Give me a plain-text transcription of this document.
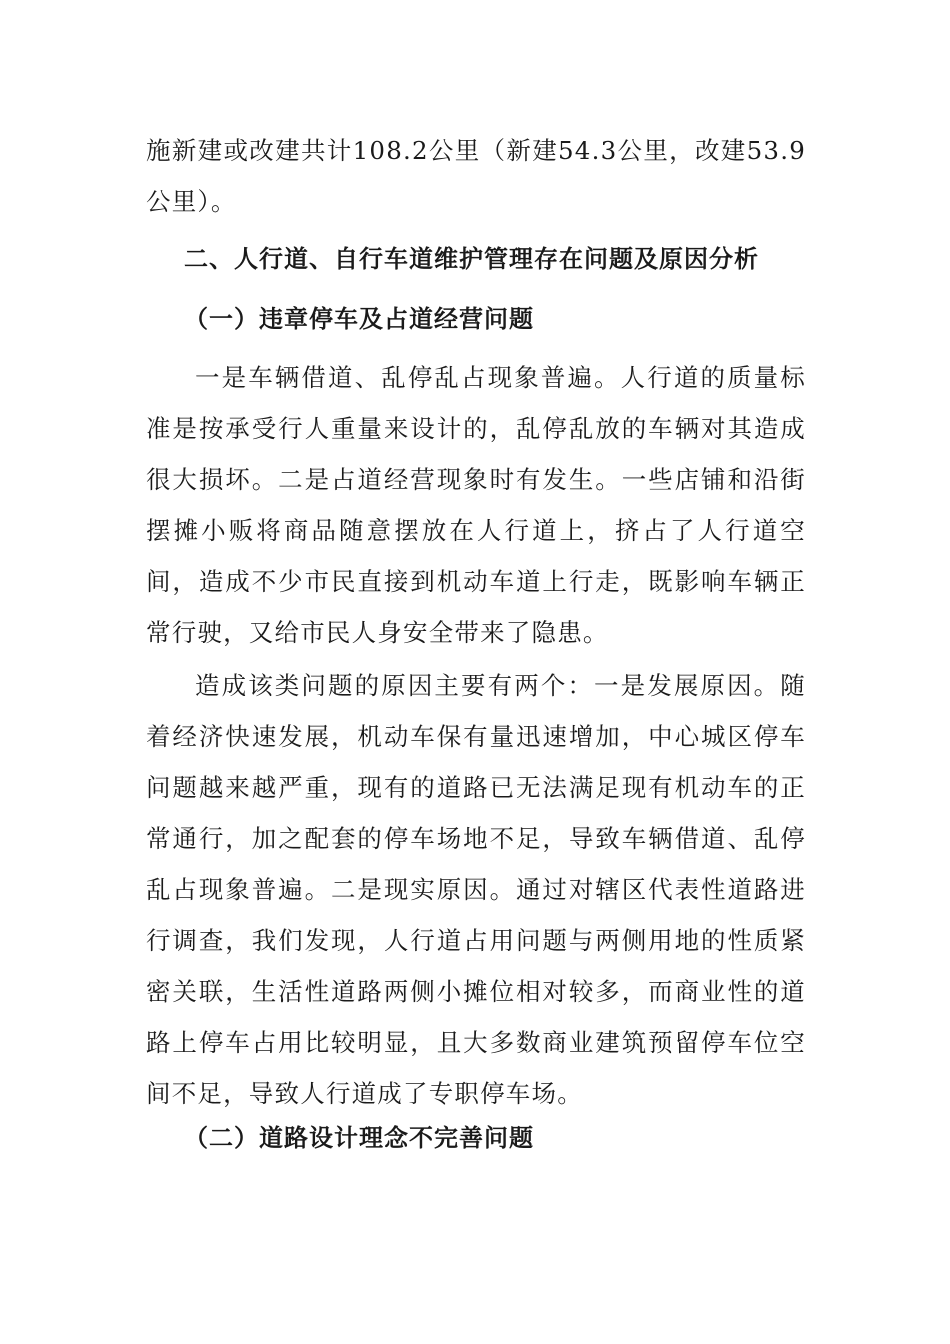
施新建或改建共计108.2公里（新建54.3公里，改建53.9公里）。

二、人行道、自行车道维护管理存在问题及原因分析
（一）违章停车及占道经营问题

一是车辆借道、乱停乱占现象普遍。人行道的质量标准是按承受行人重量来设计的，乱停乱放的车辆对其造成很大损坏。二是占道经营现象时有发生。一些店铺和沿街摆摊小贩将商品随意摆放在人行道上，挤占了人行道空间，造成不少市民直接到机动车道上行走，既影响车辆正常行驶，又给市民人身安全带来了隐患。

造成该类问题的原因主要有两个：一是发展原因。随着经济快速发展，机动车保有量迅速增加，中心城区停车问题越来越严重，现有的道路已无法满足现有机动车的正常通行，加之配套的停车场地不足，导致车辆借道、乱停乱占现象普遍。二是现实原因。通过对辖区代表性道路进行调查，我们发现，人行道占用问题与两侧用地的性质紧密关联，生活性道路两侧小摊位相对较多，而商业性的道路上停车占用比较明显，且大多数商业建筑预留停车位空间不足，导致人行道成了专职停车场。

（二）道路设计理念不完善问题
